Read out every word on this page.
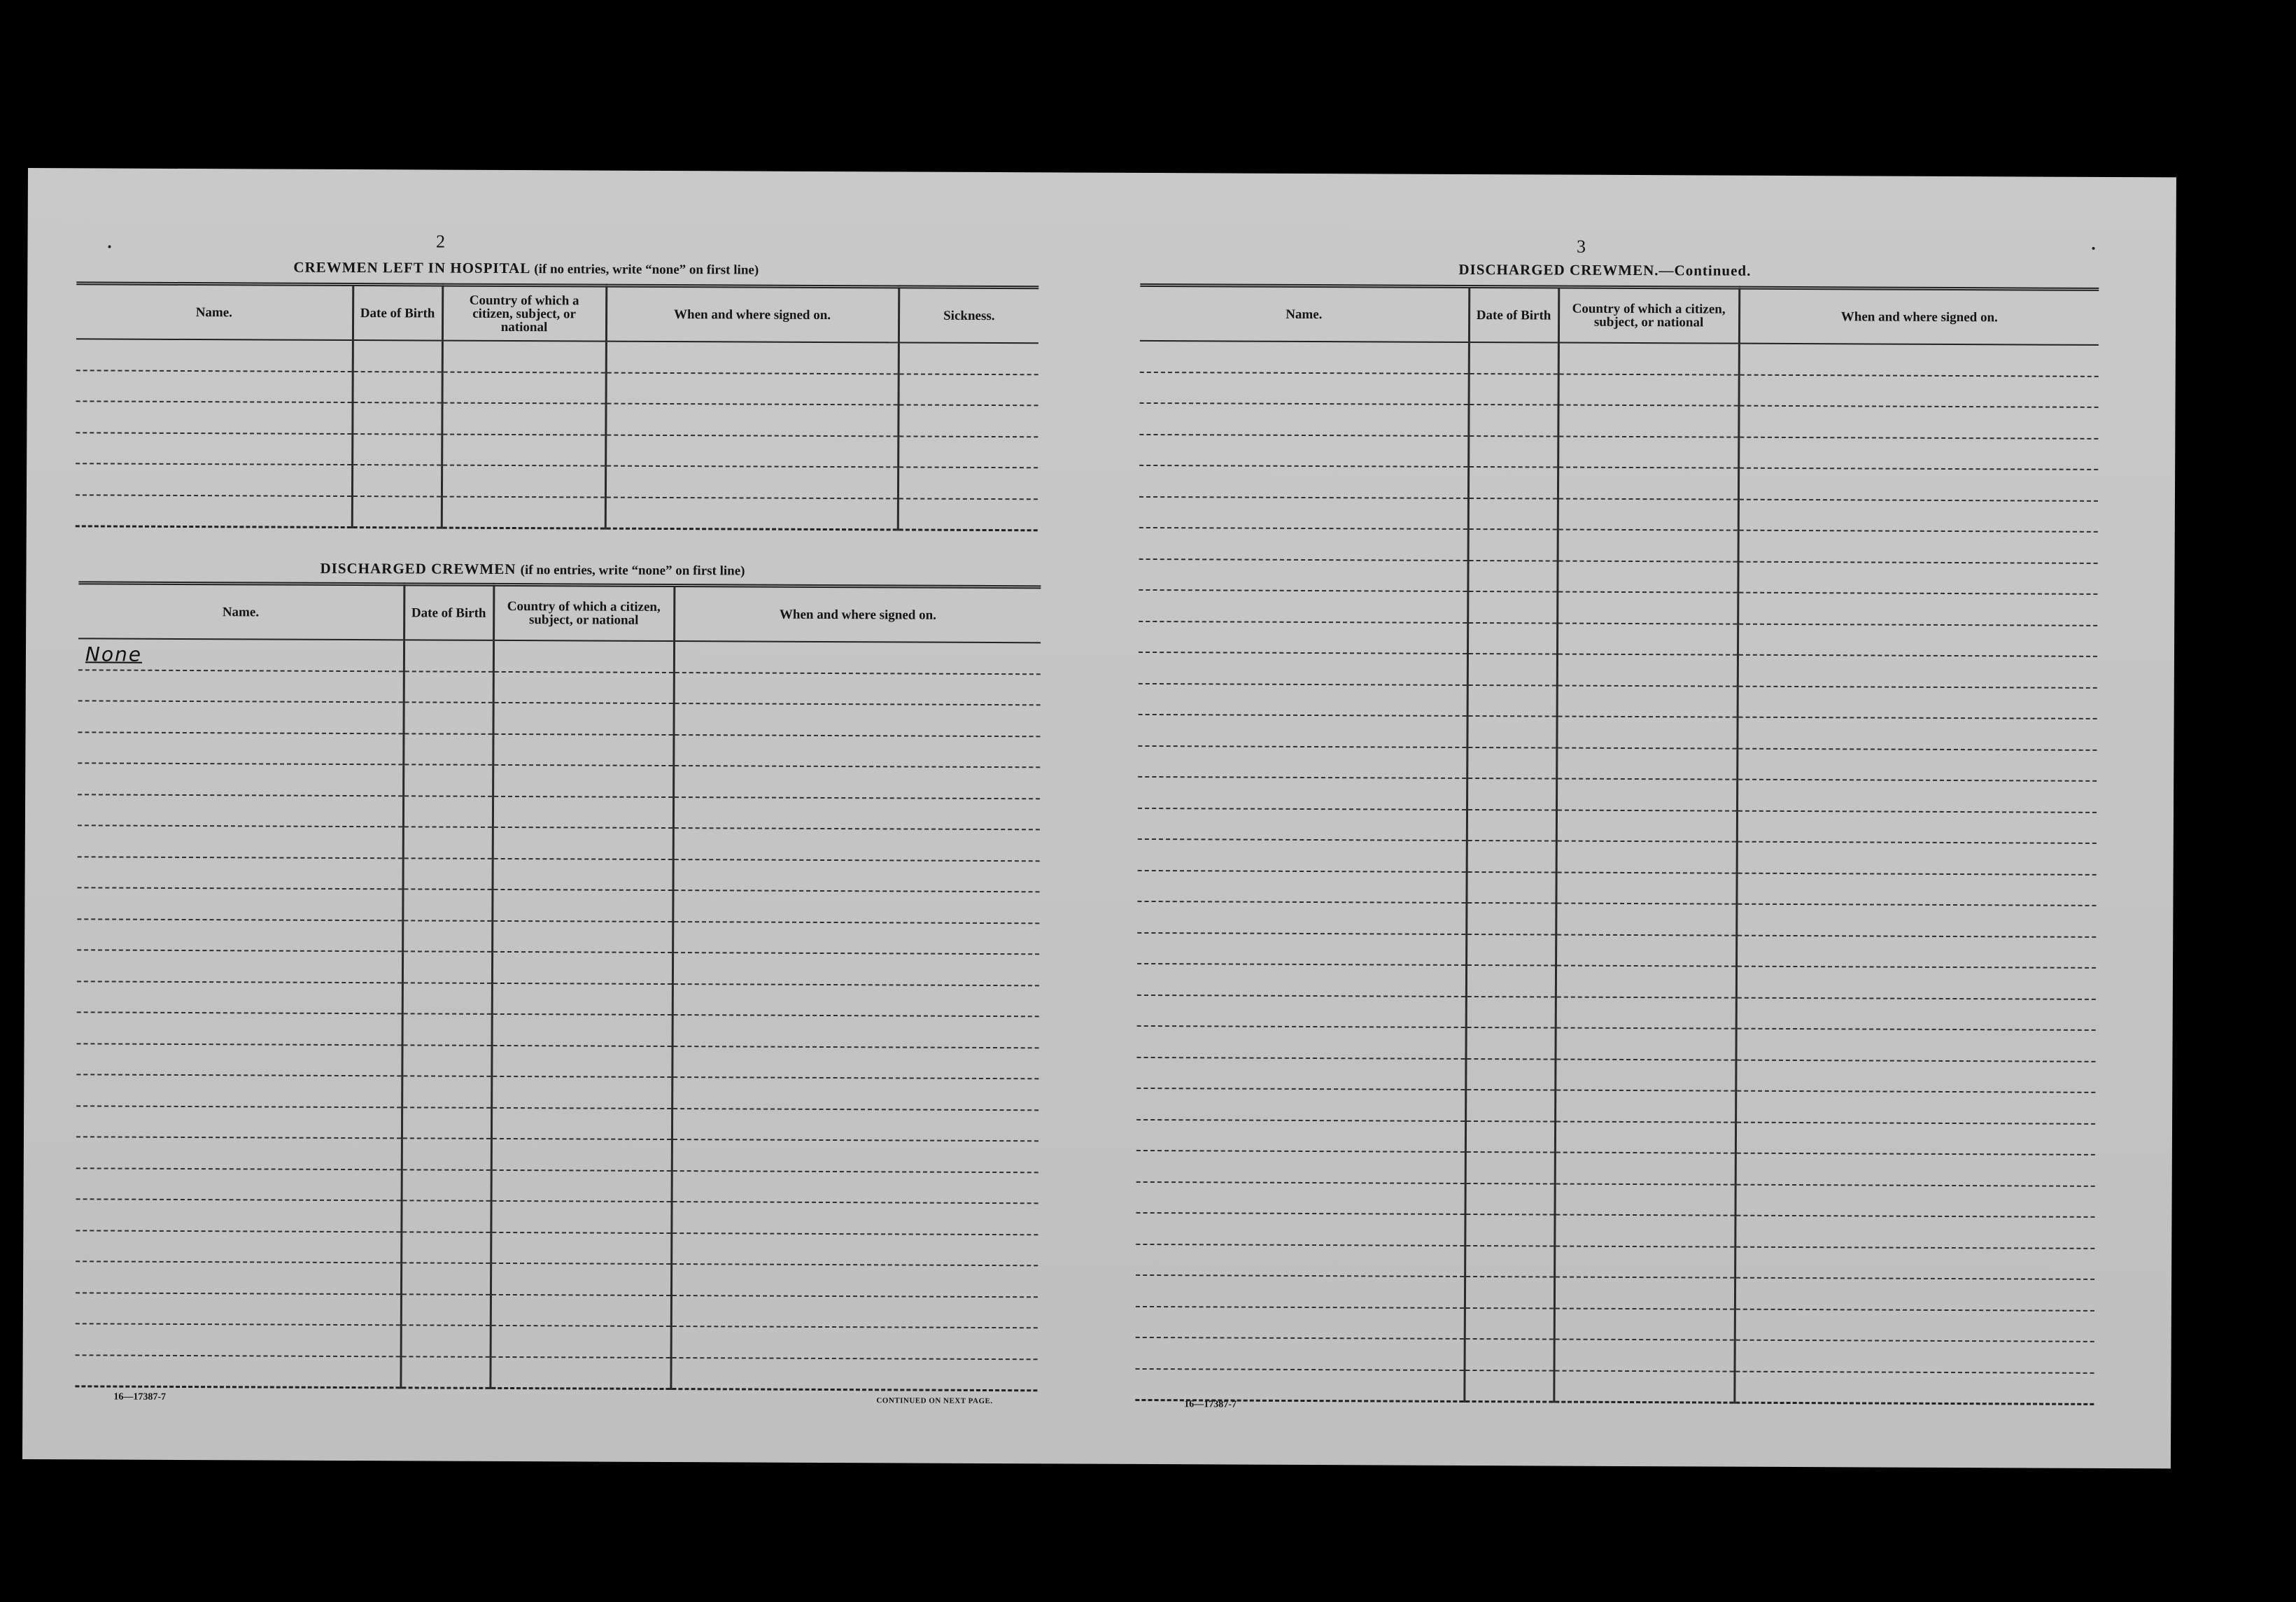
2
CREWMEN LEFT IN HOSPITAL (if no entries, write “none” on first line)
Name.	Date of Birth	Country of which a citizen, subject, or national	When and where signed on.	Sickness.

DISCHARGED CREWMEN (if no entries, write “none” on first line)
Name.	Date of Birth	Country of which a citizen, subject, or national	When and where signed on.
None			

16—17387-7	CONTINUED ON NEXT PAGE.
3
DISCHARGED CREWMEN.—Continued.
Name.	Date of Birth	Country of which a citizen, subject, or national	When and where signed on.

16—17387-7
